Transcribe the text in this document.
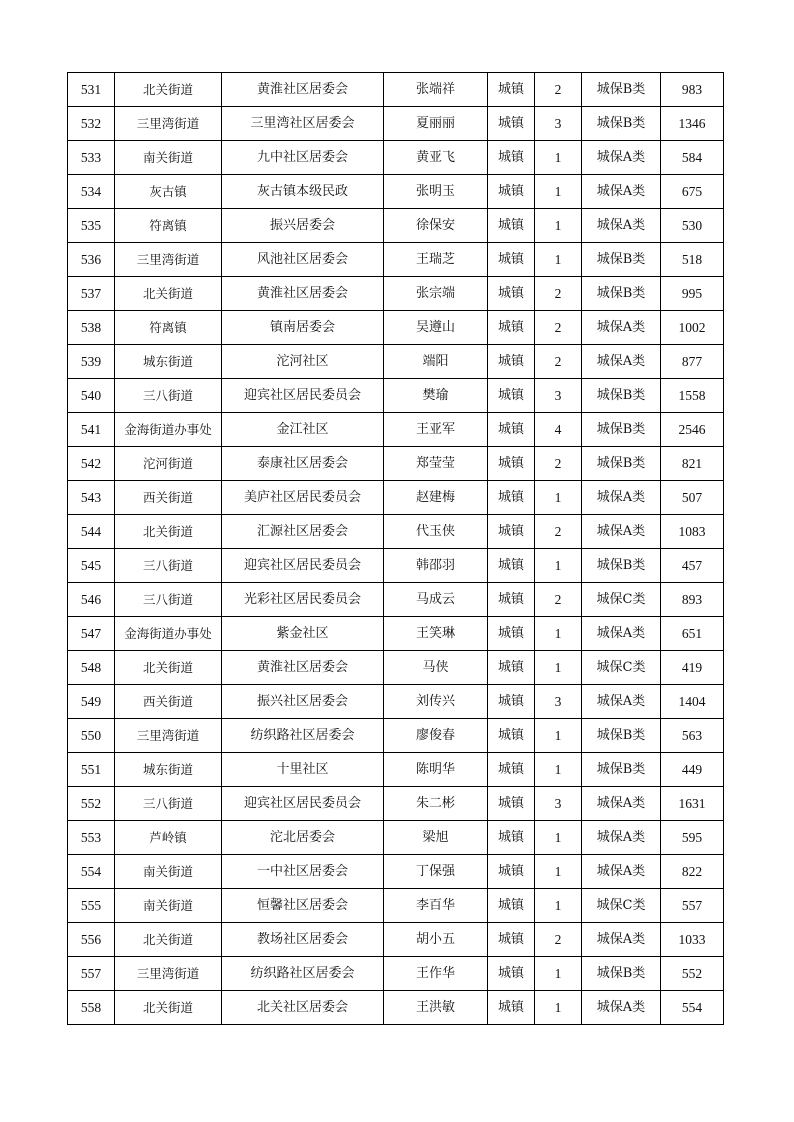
531	北关街道	黄淮社区居委会	张端祥	城镇	2	城保B类	983
532	三里湾街道	三里湾社区居委会	夏丽丽	城镇	3	城保B类	1346
533	南关街道	九中社区居委会	黄亚飞	城镇	1	城保A类	584
534	灰古镇	灰古镇本级民政	张明玉	城镇	1	城保A类	675
535	符离镇	振兴居委会	徐保安	城镇	1	城保A类	530
536	三里湾街道	风池社区居委会	王瑞芝	城镇	1	城保B类	518
537	北关街道	黄淮社区居委会	张宗端	城镇	2	城保B类	995
538	符离镇	镇南居委会	吴遵山	城镇	2	城保A类	1002
539	城东街道	沱河社区	端阳	城镇	2	城保A类	877
540	三八街道	迎宾社区居民委员会	樊瑜	城镇	3	城保B类	1558
541	金海街道办事处	金江社区	王亚军	城镇	4	城保B类	2546
542	沱河街道	泰康社区居委会	郑莹莹	城镇	2	城保B类	821
543	西关街道	美庐社区居民委员会	赵建梅	城镇	1	城保A类	507
544	北关街道	汇源社区居委会	代玉侠	城镇	2	城保A类	1083
545	三八街道	迎宾社区居民委员会	韩邵羽	城镇	1	城保B类	457
546	三八街道	光彩社区居民委员会	马成云	城镇	2	城保C类	893
547	金海街道办事处	紫金社区	王笑琳	城镇	1	城保A类	651
548	北关街道	黄淮社区居委会	马侠	城镇	1	城保C类	419
549	西关街道	振兴社区居委会	刘传兴	城镇	3	城保A类	1404
550	三里湾街道	纺织路社区居委会	廖俊春	城镇	1	城保B类	563
551	城东街道	十里社区	陈明华	城镇	1	城保B类	449
552	三八街道	迎宾社区居民委员会	朱二彬	城镇	3	城保A类	1631
553	芦岭镇	沱北居委会	梁旭	城镇	1	城保A类	595
554	南关街道	一中社区居委会	丁保强	城镇	1	城保A类	822
555	南关街道	恒馨社区居委会	李百华	城镇	1	城保C类	557
556	北关街道	教场社区居委会	胡小五	城镇	2	城保A类	1033
557	三里湾街道	纺织路社区居委会	王作华	城镇	1	城保B类	552
558	北关街道	北关社区居委会	王洪敏	城镇	1	城保A类	554
